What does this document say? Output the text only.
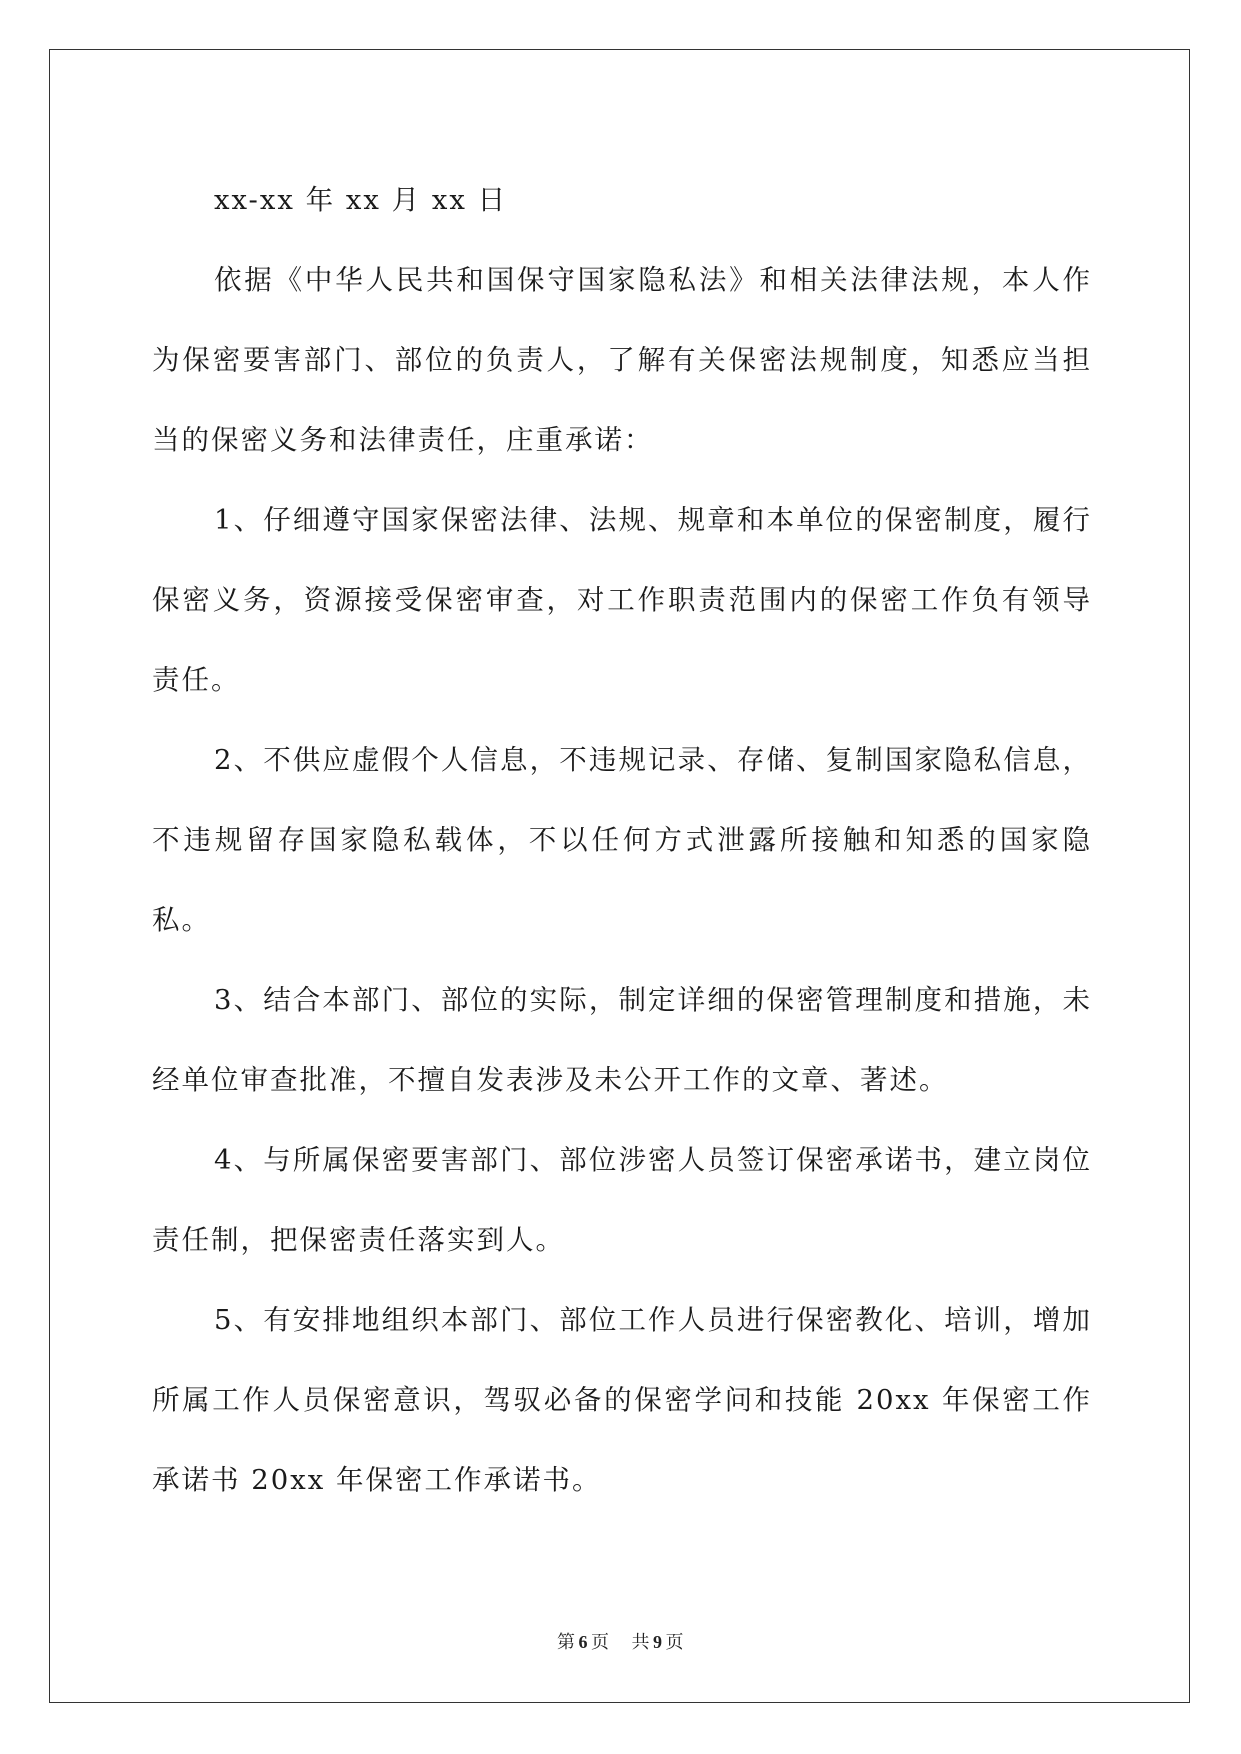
xx-xx 年 xx 月 xx 日

依据《中华人民共和国保守国家隐私法》和相关法律法规，本人作为保密要害部门、部位的负责人，了解有关保密法规制度，知悉应当担当的保密义务和法律责任，庄重承诺：

1、仔细遵守国家保密法律、法规、规章和本单位的保密制度，履行保密义务，资源接受保密审查，对工作职责范围内的保密工作负有领导责任。

2、不供应虚假个人信息，不违规记录、存储、复制国家隐私信息，不违规留存国家隐私载体，不以任何方式泄露所接触和知悉的国家隐私。

3、结合本部门、部位的实际，制定详细的保密管理制度和措施，未经单位审查批准，不擅自发表涉及未公开工作的文章、著述。

4、与所属保密要害部门、部位涉密人员签订保密承诺书，建立岗位责任制，把保密责任落实到人。

5、有安排地组织本部门、部位工作人员进行保密教化、培训，增加所属工作人员保密意识，驾驭必备的保密学问和技能 20xx 年保密工作承诺书 20xx 年保密工作承诺书。

第 6 页 共 9 页
